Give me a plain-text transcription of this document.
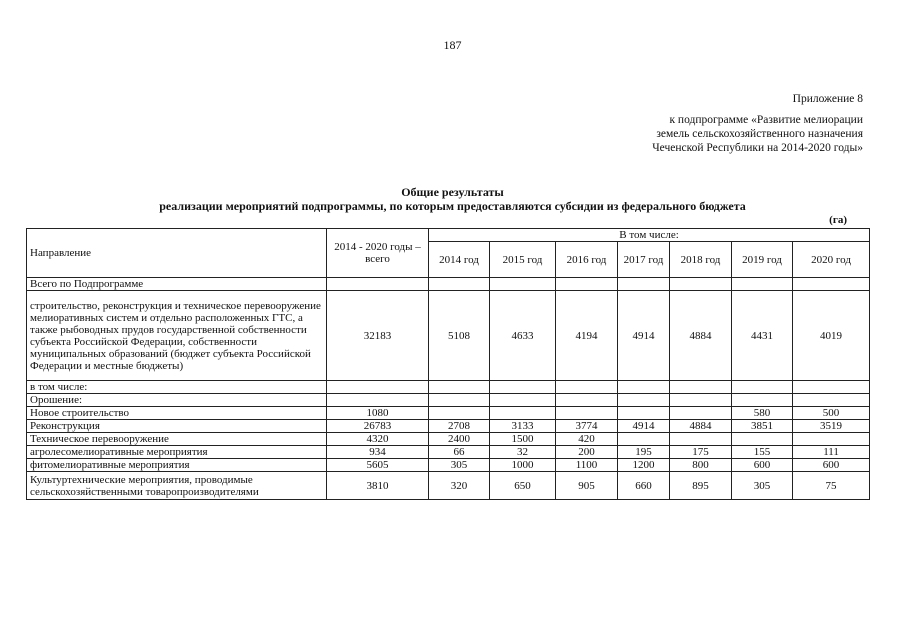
187
Приложение 8
к подпрограмме «Развитие мелиорации
земель сельскохозяйственного назначения
Чеченской Республики на 2014-2020 годы»
Общие результаты
реализации мероприятий подпрограммы, по которым предоставляются субсидии из федерального бюджета
(га)
Направление	2014 - 2020 годы – всего	В том числе:						
		2014 год	2015 год	2016 год	2017 год	2018 год	2019 год	2020 год
Всего по Подпрограмме								
строительство, реконструкция и техническое перевооружение мелиоративных систем и отдельно расположенных ГТС, а также рыбоводных прудов государственной собственности субъекта Российской Федерации, собственности муниципальных образований (бюджет субъекта Российской Федерации и местные бюджеты)	32183	5108	4633	4194	4914	4884	4431	4019
в том числе:								
Орошение:								
Новое строительство	1080						580	500
Реконструкция	26783	2708	3133	3774	4914	4884	3851	3519
Техническое перевооружение	4320	2400	1500	420				
агролесомелиоративные мероприятия	934	66	32	200	195	175	155	111
фитомелиоративные мероприятия	5605	305	1000	1100	1200	800	600	600
Культуртехнические мероприятия, проводимые сельскохозяйственными товаропроизводителями	3810	320	650	905	660	895	305	75
